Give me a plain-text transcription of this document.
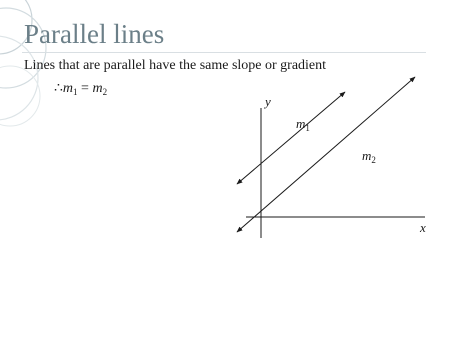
Parallel lines
Lines that are parallel have the same slope or gradient
$\therefore m_1 = m_2$
y
x
$m_1$
$m_2$
